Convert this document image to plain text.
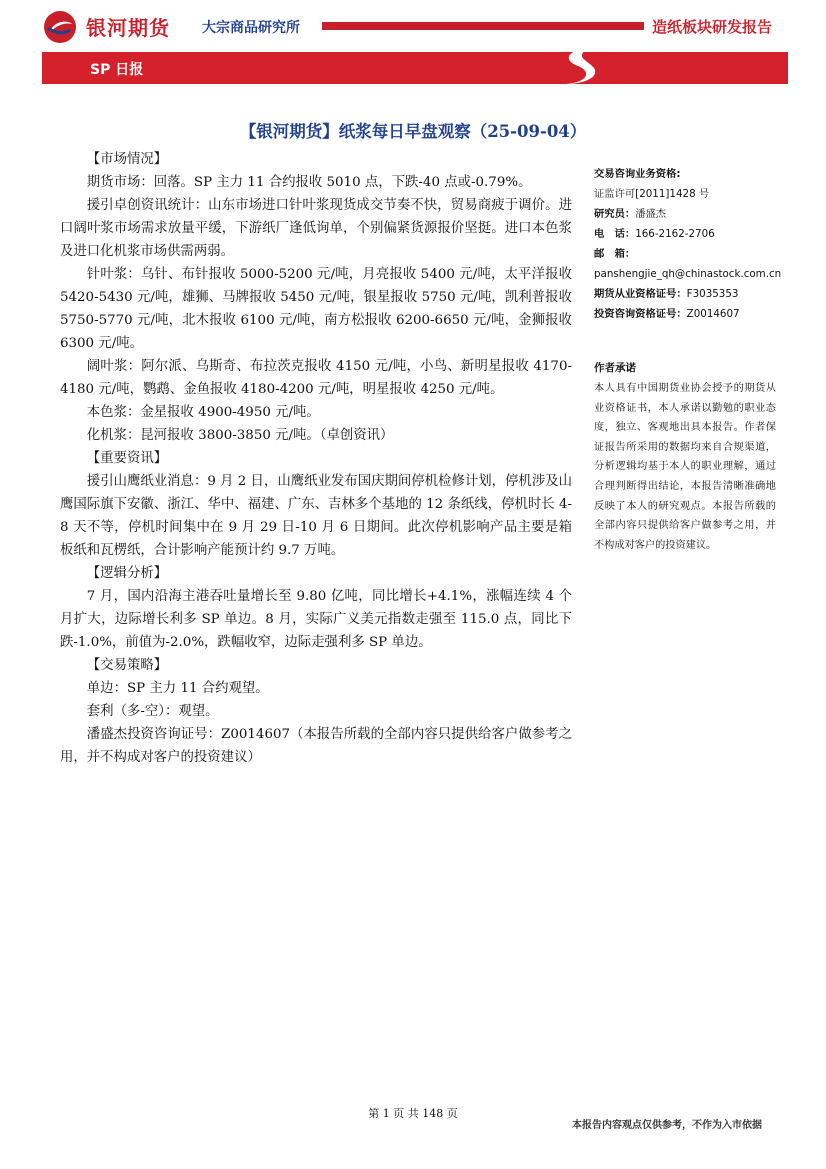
银河期货 大宗商品研究所	造纸板块研发报告
SP 日报
【银河期货】纸浆每日早盘观察（25-09-04）

【市场情况】

期货市场：回落。SP 主力 11 合约报收 5010 点，下跌-40 点或-0.79%。

援引卓创资讯统计：山东市场进口针叶浆现货成交节奏不快，贸易商疲于调价。进口阔叶浆市场需求放量平缓，下游纸厂逢低询单，个别偏紧货源报价坚挺。进口本色浆及进口化机浆市场供需两弱。

针叶浆：乌针、布针报收 5000-5200 元/吨，月亮报收 5400 元/吨，太平洋报收 5420-5430 元/吨，雄狮、马牌报收 5450 元/吨，银星报收 5750 元/吨，凯利普报收 5750-5770 元/吨，北木报收 6100 元/吨，南方松报收 6200-6650 元/吨，金狮报收 6300 元/吨。

阔叶浆：阿尔派、乌斯奇、布拉茨克报收 4150 元/吨，小鸟、新明星报收 4170-4180 元/吨，鹦鹉、金鱼报收 4180-4200 元/吨，明星报收 4250 元/吨。

本色浆：金星报收 4900-4950 元/吨。

化机浆：昆河报收 3800-3850 元/吨。（卓创资讯）

【重要资讯】

援引山鹰纸业消息：9 月 2 日，山鹰纸业发布国庆期间停机检修计划，停机涉及山鹰国际旗下安徽、浙江、华中、福建、广东、吉林多个基地的 12 条纸线，停机时长 4-8 天不等，停机时间集中在 9 月 29 日-10 月 6 日期间。此次停机影响产品主要是箱板纸和瓦楞纸，合计影响产能预计约 9.7 万吨。

【逻辑分析】

7 月，国内沿海主港吞吐量增长至 9.80 亿吨，同比增长+4.1%，涨幅连续 4 个月扩大，边际增长利多 SP 单边。8 月，实际广义美元指数走强至 115.0 点，同比下跌-1.0%，前值为-2.0%，跌幅收窄，边际走强利多 SP 单边。

【交易策略】

单边：SP 主力 11 合约观望。

套利（多-空）：观望。

潘盛杰投资咨询证号：Z0014607（本报告所载的全部内容只提供给客户做参考之用，并不构成对客户的投资建议）

交易咨询业务资格:
证监许可[2011]1428 号
研究员：潘盛杰
电　话：166-2162-2706
邮　箱：
panshengjie_qh@chinastock.com.cn
期货从业资格证号：F3035353
投资咨询资格证号：Z0014607
作者承诺
本人具有中国期货业协会授予的期货从业资格证书，本人承诺以勤勉的职业态度，独立、客观地出具本报告。作者保证报告所采用的数据均来自合规渠道，分析逻辑均基于本人的职业理解，通过合理判断得出结论，本报告清晰准确地反映了本人的研究观点。本报告所载的全部内容只提供给客户做参考之用，并不构成对客户的投资建议。
第 1 页 共 148 页
本报告内容观点仅供参考，不作为入市依据
